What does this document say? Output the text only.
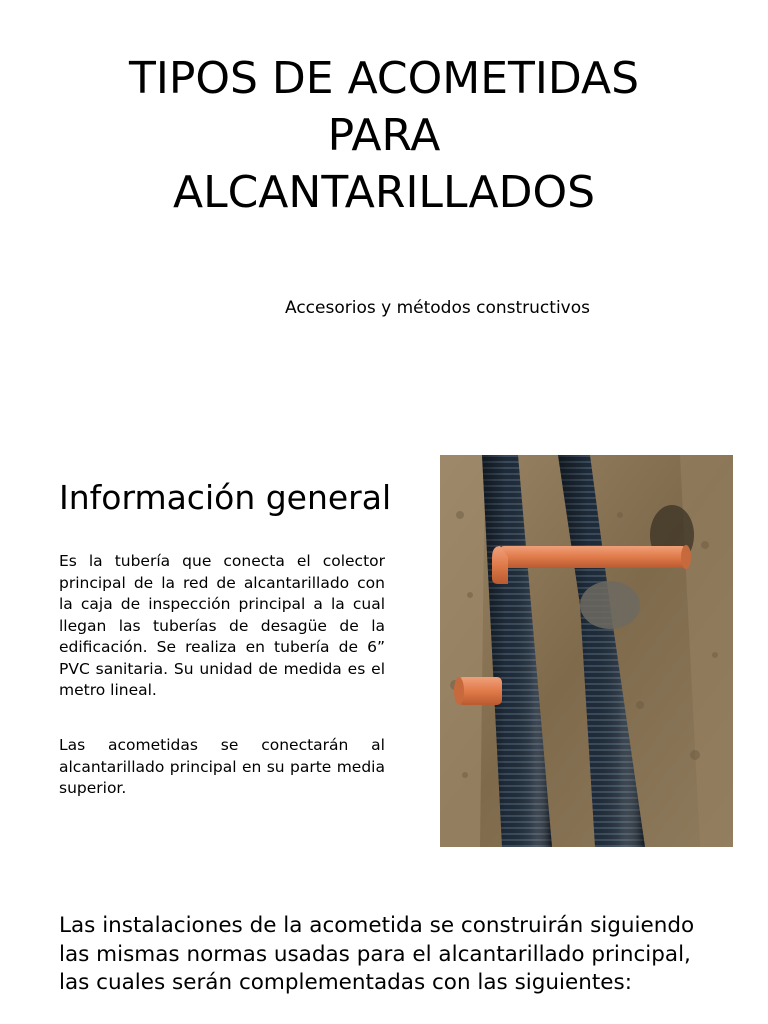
TIPOS DE ACOMETIDAS
PARA
ALCANTARILLADOS

Accesorios y métodos constructivos

Información general

Es la tubería que conecta el colector principal de la red de alcantarillado con la caja de inspección principal a la cual llegan las tuberías de desagüe de la edificación. Se realiza en tubería de 6” PVC sanitaria. Su unidad de medida es el metro lineal.

Las acometidas se conectarán al alcantarillado principal en su parte media superior.

Las instalaciones de la acometida se construirán siguiendo las mismas normas usadas para el alcantarillado principal, las cuales serán complementadas con las siguientes:
